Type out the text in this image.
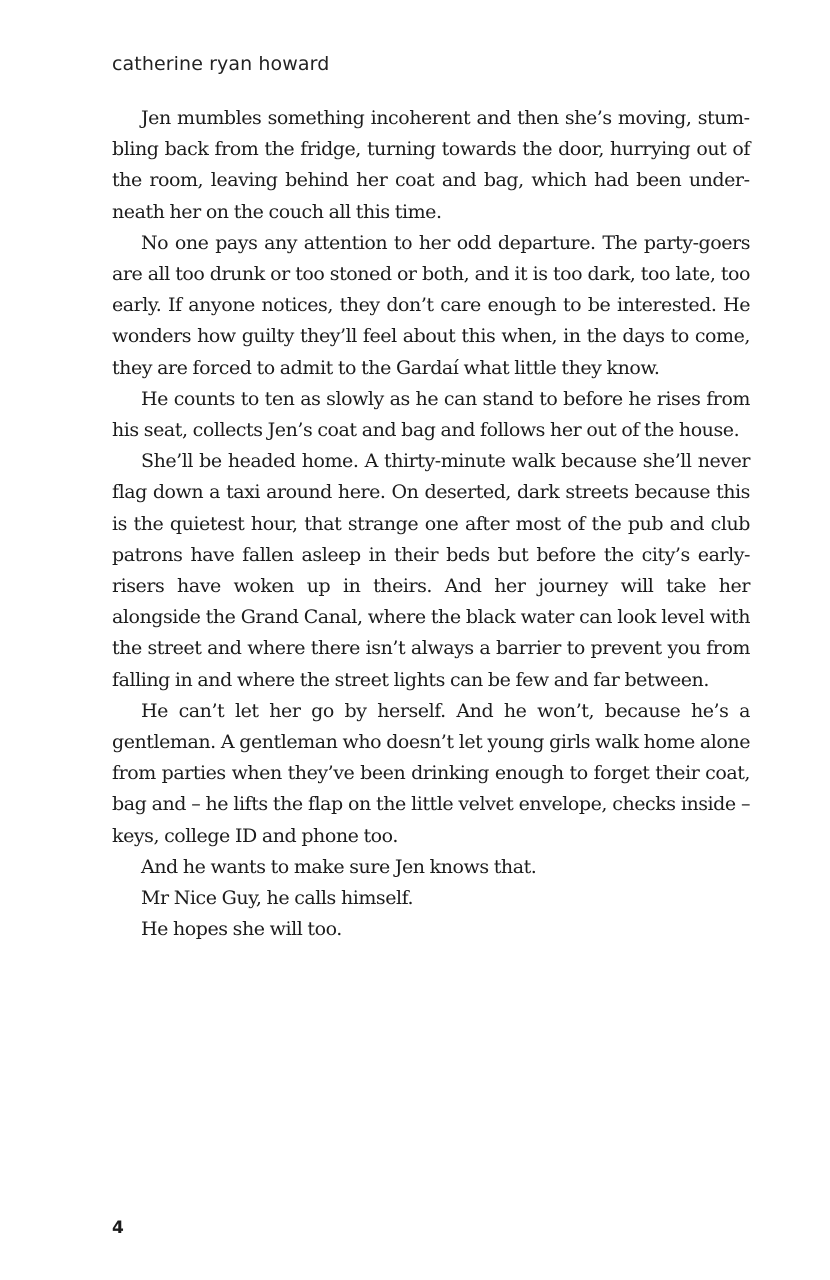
catherine ryan howard

Jen mumbles something incoherent and then she’s moving, stumbling back from the fridge, turning towards the door, hurrying out of the room, leaving behind her coat and bag, which had been underneath her on the couch all this time.

No one pays any attention to her odd departure. The party-goers are all too drunk or too stoned or both, and it is too dark, too late, too early. If anyone notices, they don’t care enough to be interested. He wonders how guilty they’ll feel about this when, in the days to come, they are forced to admit to the Gardaí what little they know.

He counts to ten as slowly as he can stand to before he rises from his seat, collects Jen’s coat and bag and follows her out of the house.

She’ll be headed home. A thirty-minute walk because she’ll never flag down a taxi around here. On deserted, dark streets because this is the quietest hour, that strange one after most of the pub and club patrons have fallen asleep in their beds but before the city’s early-risers have woken up in theirs. And her journey will take her alongside the Grand Canal, where the black water can look level with the street and where there isn’t always a barrier to prevent you from falling in and where the street lights can be few and far between.

He can’t let her go by herself. And he won’t, because he’s a gentleman. A gentleman who doesn’t let young girls walk home alone from parties when they’ve been drinking enough to forget their coat, bag and – he lifts the flap on the little velvet envelope, checks inside – keys, college ID and phone too.

And he wants to make sure Jen knows that.

Mr Nice Guy, he calls himself.

He hopes she will too.

4
